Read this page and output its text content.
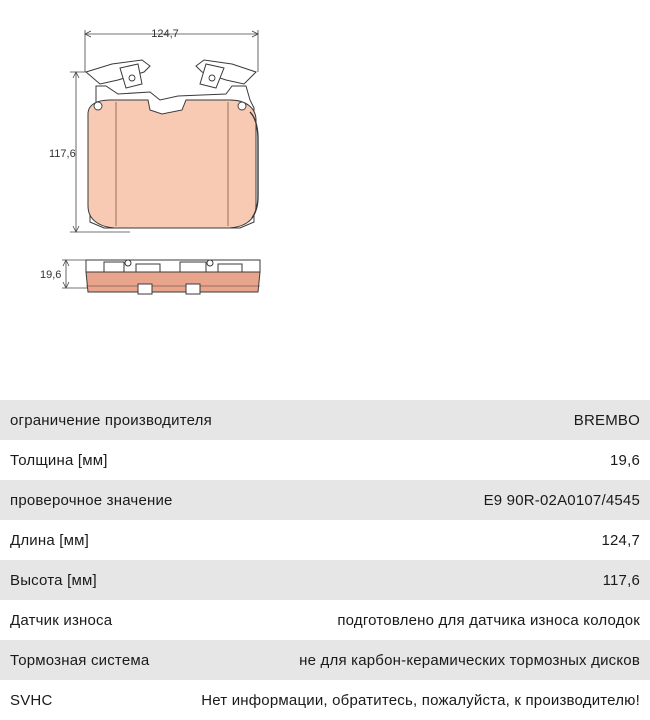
124,7
117,6
19,6
ограничение производителя	BREMBO
Толщина [мм]	19,6
проверочное значение	E9 90R-02A0107/4545
Длина [мм]	124,7
Высота [мм]	117,6
Датчик износа	подготовлено для датчика износа колодок
Тормозная система	не для карбон-керамических тормозных дисков
SVHC	Нет информации, обратитесь, пожалуйста, к производителю!
